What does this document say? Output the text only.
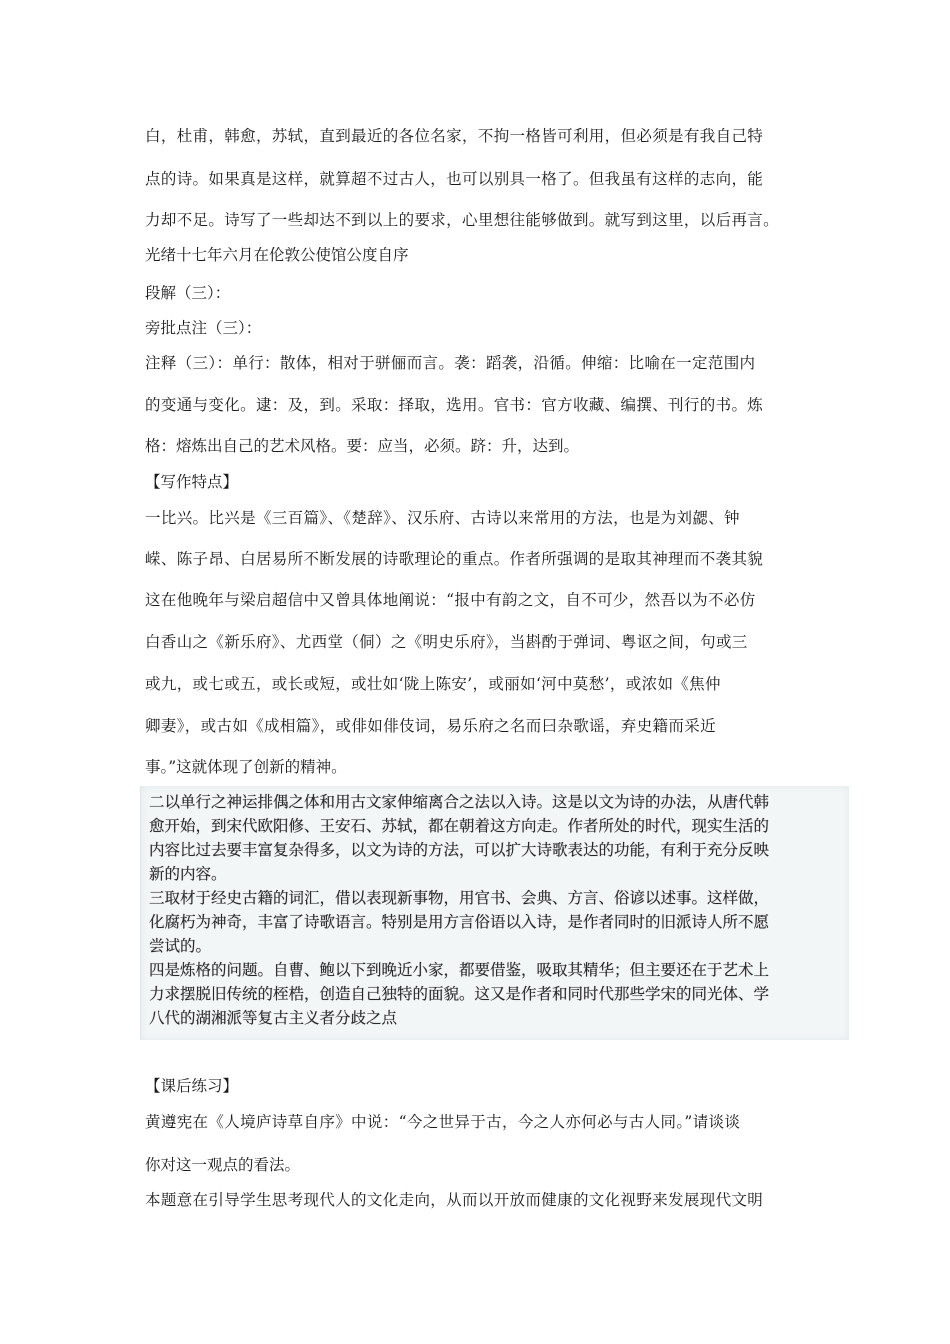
白，杜甫，韩愈，苏轼，直到最近的各位名家，不拘一格皆可利用，但必须是有我自己特
点的诗。如果真是这样，就算超不过古人，也可以别具一格了。但我虽有这样的志向，能
力却不足。诗写了一些却达不到以上的要求，心里想往能够做到。就写到这里，以后再言。
光绪十七年六月在伦敦公使馆公度自序
段解（三）：
旁批点注（三）：
注释（三）：单行：散体，相对于骈俪而言。袭：蹈袭，沿循。伸缩：比喻在一定范围内
的变通与变化。逮：及，到。采取：择取，选用。官书：官方收藏、编撰、刊行的书。炼
格：熔炼出自己的艺术风格。要：应当，必须。跻：升，达到。
【写作特点】
一比兴。比兴是《三百篇》、《楚辞》、汉乐府、古诗以来常用的方法，也是为刘勰、钟
嵘、陈子昂、白居易所不断发展的诗歌理论的重点。作者所强调的是取其神理而不袭其貌
这在他晚年与梁启超信中又曾具体地阐说：“报中有韵之文，自不可少，然吾以为不必仿
白香山之《新乐府》、尤西堂（侗）之《明史乐府》，当斟酌于弹词、粤讴之间，句或三
或九，或七或五，或长或短，或壮如‘陇上陈安’，或丽如‘河中莫愁’，或浓如《焦仲
卿妻》，或古如《成相篇》，或俳如俳伎词，易乐府之名而曰杂歌谣，弃史籍而采近
事。”这就体现了创新的精神。
二以单行之神运排偶之体和用古文家伸缩离合之法以入诗。这是以文为诗的办法，从唐代韩
愈开始，到宋代欧阳修、王安石、苏轼，都在朝着这方向走。作者所处的时代，现实生活的
内容比过去要丰富复杂得多，以文为诗的方法，可以扩大诗歌表达的功能，有利于充分反映
新的内容。
三取材于经史古籍的词汇，借以表现新事物，用官书、会典、方言、俗谚以述事。这样做，
化腐朽为神奇，丰富了诗歌语言。特别是用方言俗语以入诗，是作者同时的旧派诗人所不愿
尝试的。
四是炼格的问题。自曹、鲍以下到晚近小家，都要借鉴，吸取其精华；但主要还在于艺术上
力求摆脱旧传统的桎梏，创造自己独特的面貌。这又是作者和同时代那些学宋的同光体、学
八代的湖湘派等复古主义者分歧之点
【课后练习】
黄遵宪在《人境庐诗草自序》中说：“今之世异于古，今之人亦何必与古人同。”请谈谈
你对这一观点的看法。
本题意在引导学生思考现代人的文化走向，从而以开放而健康的文化视野来发展现代文明
